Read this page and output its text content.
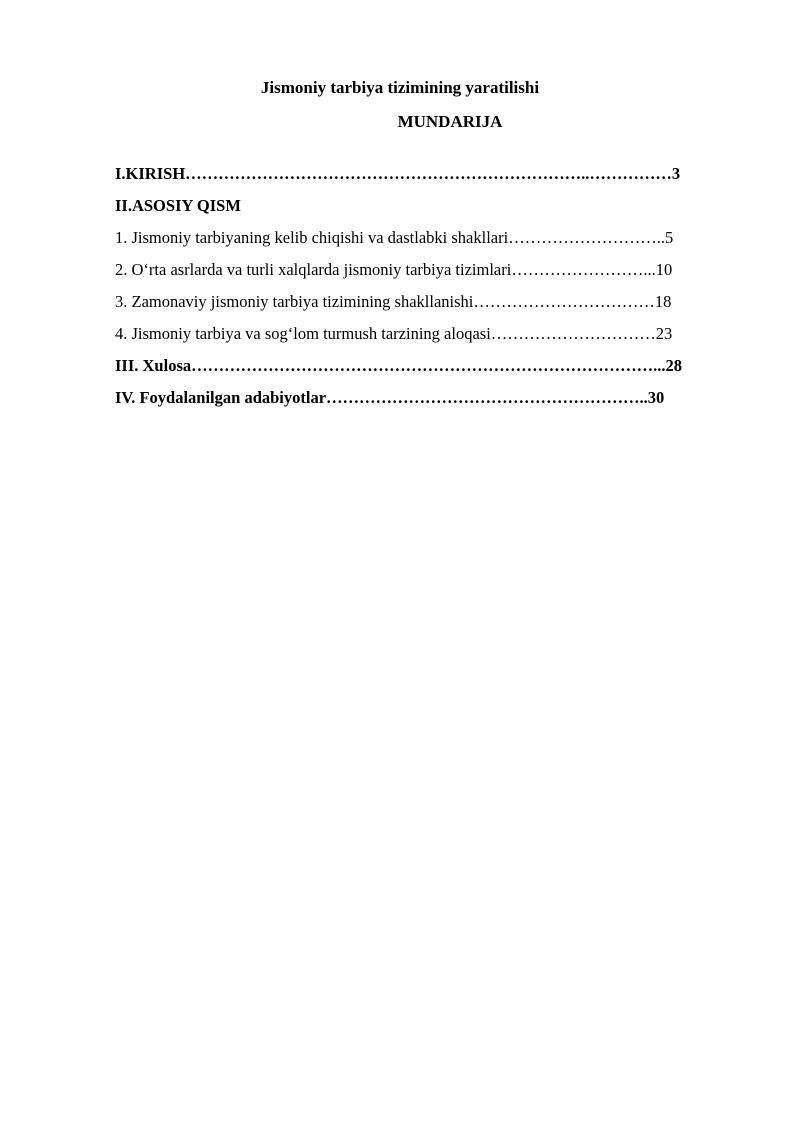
Jismoniy tarbiya tizimining yaratilishi
MUNDARIJA
I.KIRISH………………………………………………………………..……………3
II.ASOSIY QISM
1. Jismoniy tarbiyaning kelib chiqishi va dastlabki shakllari………………………..5
2. O‘rta asrlarda va turli xalqlarda jismoniy tarbiya tizimlari……………………...10
3. Zamonaviy jismoniy tarbiya tizimining shakllanishi……………………………18
4. Jismoniy tarbiya va sog‘lom turmush tarzining aloqasi…………………………23
III. Xulosa…………………………………………………………………………...28
IV. Foydalanilgan adabiyotlar…………………………………………………..30
